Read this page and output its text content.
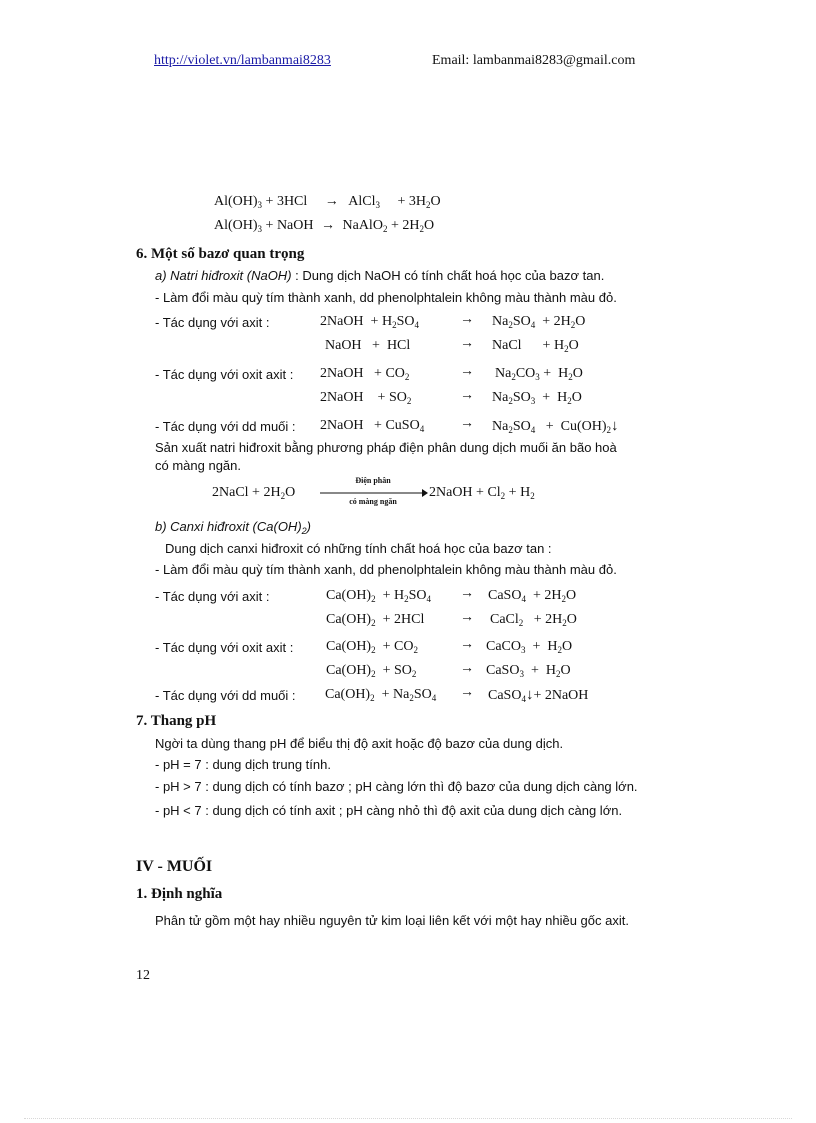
http://violet.vn/lambanmai8283	Email: lambanmai8283@gmail.com
$Al(OH)_3 + 3HCl$ → AlCl$_3$ + $3H_2O$
$Al(OH)_3$ + NaOH → NaAlO$_2$ + $2H_2O$
6. Một số bazơ quan trọng
a) Natri hiđroxit (NaOH) : Dung dịch NaOH có tính chất hoá học của bazơ tan.
- Làm đổi màu quỳ tím thành xanh, dd phenolphtalein không màu thành màu đỏ.
- Tác dụng với axit :	2NaOH  + $H_2SO_4$	→ $Na_2SO_4 + 2H_2O$
NaOH   +  HCl	→ NaCl      + $H_2O$
- Tác dụng với oxit axit : 2NaOH   + $CO_2$	→ $Na_2CO_3 + H_2O$
2NaOH    + $SO_2$	→ $Na_2SO_3 + H_2O$
- Tác dụng với dd muối : 2NaOH   + CuSO$_4$	→ $Na_2SO_4$   +  $Cu(OH)_2↓$
Sản xuất natri hiđroxit bằng phương pháp điện phân dung dịch muối ăn bão hoà
có màng ngăn.
2NaCl + $2H_2O$
Điện phân
có màng ngăn
2NaOH + $Cl_2 + H_2$
b) Canxi hiđroxit $(Ca(OH)_2)$
Dung dịch canxi hiđroxit có những tính chất hoá học của bazơ tan :
- Làm đổi màu quỳ tím thành xanh, dd phenolphtalein không màu thành màu đỏ.
- Tác dụng với axit :	$Ca(OH)_2 + H_2SO_4$ → CaSO$_4$  + $2H_2O$
$Ca(OH)_2 + 2HCl$	→ CaCl$_2$   + $2H_2O$
- Tác dụng với oxit axit : $Ca(OH)_2 + CO_2$	→ CaCO$_3$  +  $H_2O$
$Ca(OH)_2 + SO_2$	→ CaSO$_3$  +  $H_2O$
- Tác dụng với dd muối : $Ca(OH)_2 + Na_2SO_4$ → CaSO$_4$↓+ 2NaOH
7. Thang pH
Ngời ta dùng thang pH để biểu thị độ axit hoặc độ bazơ của dung dịch.
- pH = 7 : dung dịch trung tính.
- pH > 7 : dung dịch có tính bazơ ; pH càng lớn thì độ bazơ của dung dịch càng lớn.
- pH < 7 : dung dịch có tính axit ; pH càng nhỏ thì độ axit của dung dịch càng lớn.
IV - MUỐI
1. Định nghĩa
Phân tử gồm một hay nhiều nguyên tử kim loại liên kết với một hay nhiều gốc axit.
12
